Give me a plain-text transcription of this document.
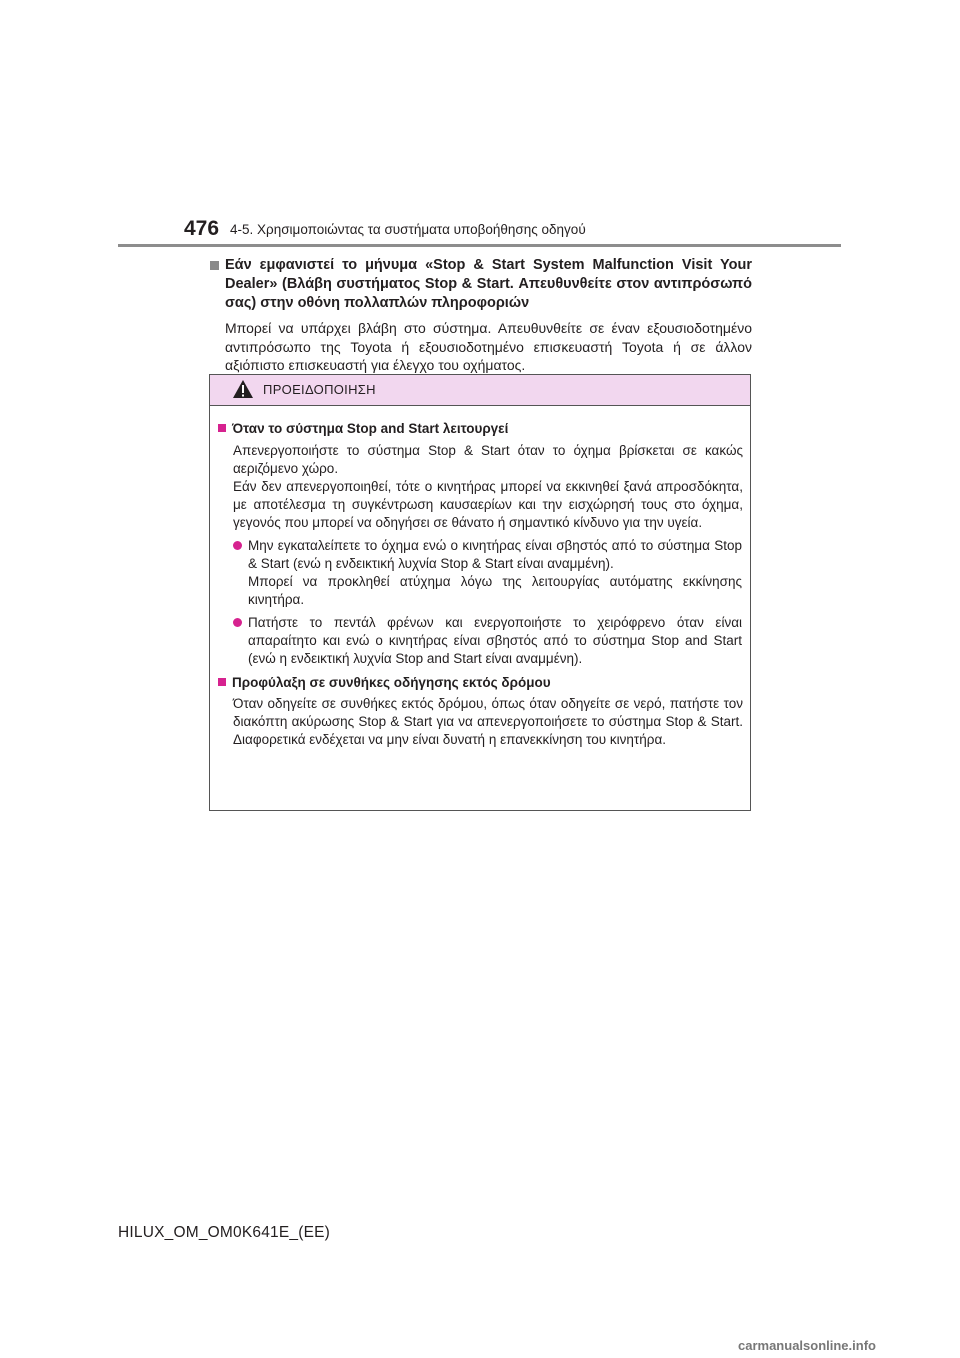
476 4-5. Χρησιμοποιώντας τα συστήματα υποβοήθησης οδηγού
Εάν εμφανιστεί το μήνυμα «Stop & Start System Malfunction Visit Your Dealer» (Βλάβη συστήματος Stop & Start. Απευθυνθείτε στον αντιπρόσωπό σας) στην οθόνη πολλαπλών πληροφοριών

Μπορεί να υπάρχει βλάβη στο σύστημα. Απευθυνθείτε σε έναν εξουσιοδοτημένο αντιπρόσωπο της Toyota ή εξουσιοδοτημένο επισκευαστή Toyota ή σε άλλον αξιόπιστο επισκευαστή για έλεγχο του οχήματος.

ΠΡΟΕΙΔΟΠΟΙΗΣΗ
Όταν το σύστημα Stop and Start λειτουργεί

Απενεργοποιήστε το σύστημα Stop & Start όταν το όχημα βρίσκεται σε κακώς αεριζόμενο χώρο.

Εάν δεν απενεργοποιηθεί, τότε ο κινητήρας μπορεί να εκκινηθεί ξανά απροσδόκητα, με αποτέλεσμα τη συγκέντρωση καυσαερίων και την εισχώρησή τους στο όχημα, γεγονός που μπορεί να οδηγήσει σε θάνατο ή σημαντικό κίνδυνο για την υγεία.

Μην εγκαταλείπετε το όχημα ενώ ο κινητήρας είναι σβηστός από το σύστημα Stop & Start (ενώ η ενδεικτική λυχνία Stop & Start είναι αναμμένη).

Μπορεί να προκληθεί ατύχημα λόγω της λειτουργίας αυτόματης εκκίνησης κινητήρα.

Πατήστε το πεντάλ φρένων και ενεργοποιήστε το χειρόφρενο όταν είναι απαραίτητο και ενώ ο κινητήρας είναι σβηστός από το σύστημα Stop and Start (ενώ η ενδεικτική λυχνία Stop and Start είναι αναμμένη).

Προφύλαξη σε συνθήκες οδήγησης εκτός δρόμου

Όταν οδηγείτε σε συνθήκες εκτός δρόμου, όπως όταν οδηγείτε σε νερό, πατήστε τον διακόπτη ακύρωσης Stop & Start για να απενεργοποιήσετε το σύστημα Stop & Start. Διαφορετικά ενδέχεται να μην είναι δυνατή η επανεκκίνηση του κινητήρα.

HILUX_OM_OM0K641E_(EE)
carmanualsonline.info
